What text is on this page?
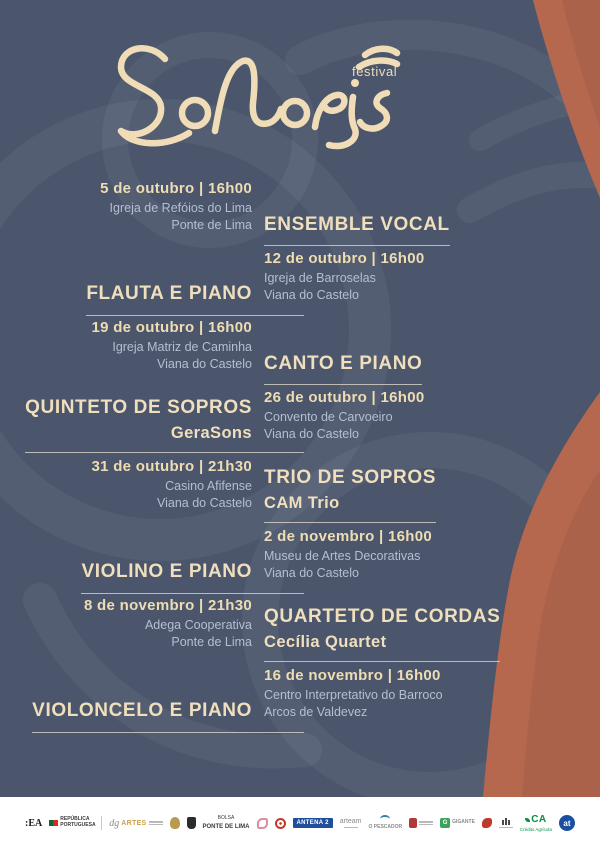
festival
5 de outubro | 16h00
Igreja de Refóios do Lima
Ponte de Lima ENSEMBLE VOCAL
FLAUTA E PIANO
12 de outubro | 16h00
Igreja de Barroselas
Viana do Castelo
19 de outubro | 16h00
Igreja Matriz de Caminha
Viana do Castelo CANTO E PIANO
QUINTETO DE SOPROS
GeraSons
26 de outubro | 16h00
Convento de Carvoeiro
Viana do Castelo
31 de outubro | 21h30
Casino Afifense
Viana do Castelo
TRIO DE SOPROS
CAM Trio
VIOLINO E PIANO
2 de novembro | 16h00
Museu de Artes Decorativas
Viana do Castelo
8 de novembro | 21h30
Adega Cooperativa
Ponte de Lima
QUARTETO DE CORDAS
Cecília Quartet
VIOLONCELO E PIANO
16 de novembro | 16h00
Centro Interpretativo do Barroco
Arcos de Valdevez
:EA	REPÚBLICA PORTUGUESA dg ARTES
BOLSA
PONTE DE LIMA
ANTENA 2	arteam
O PESCADOR
G GIGANTE	CA
Crédito Agrícola
at
